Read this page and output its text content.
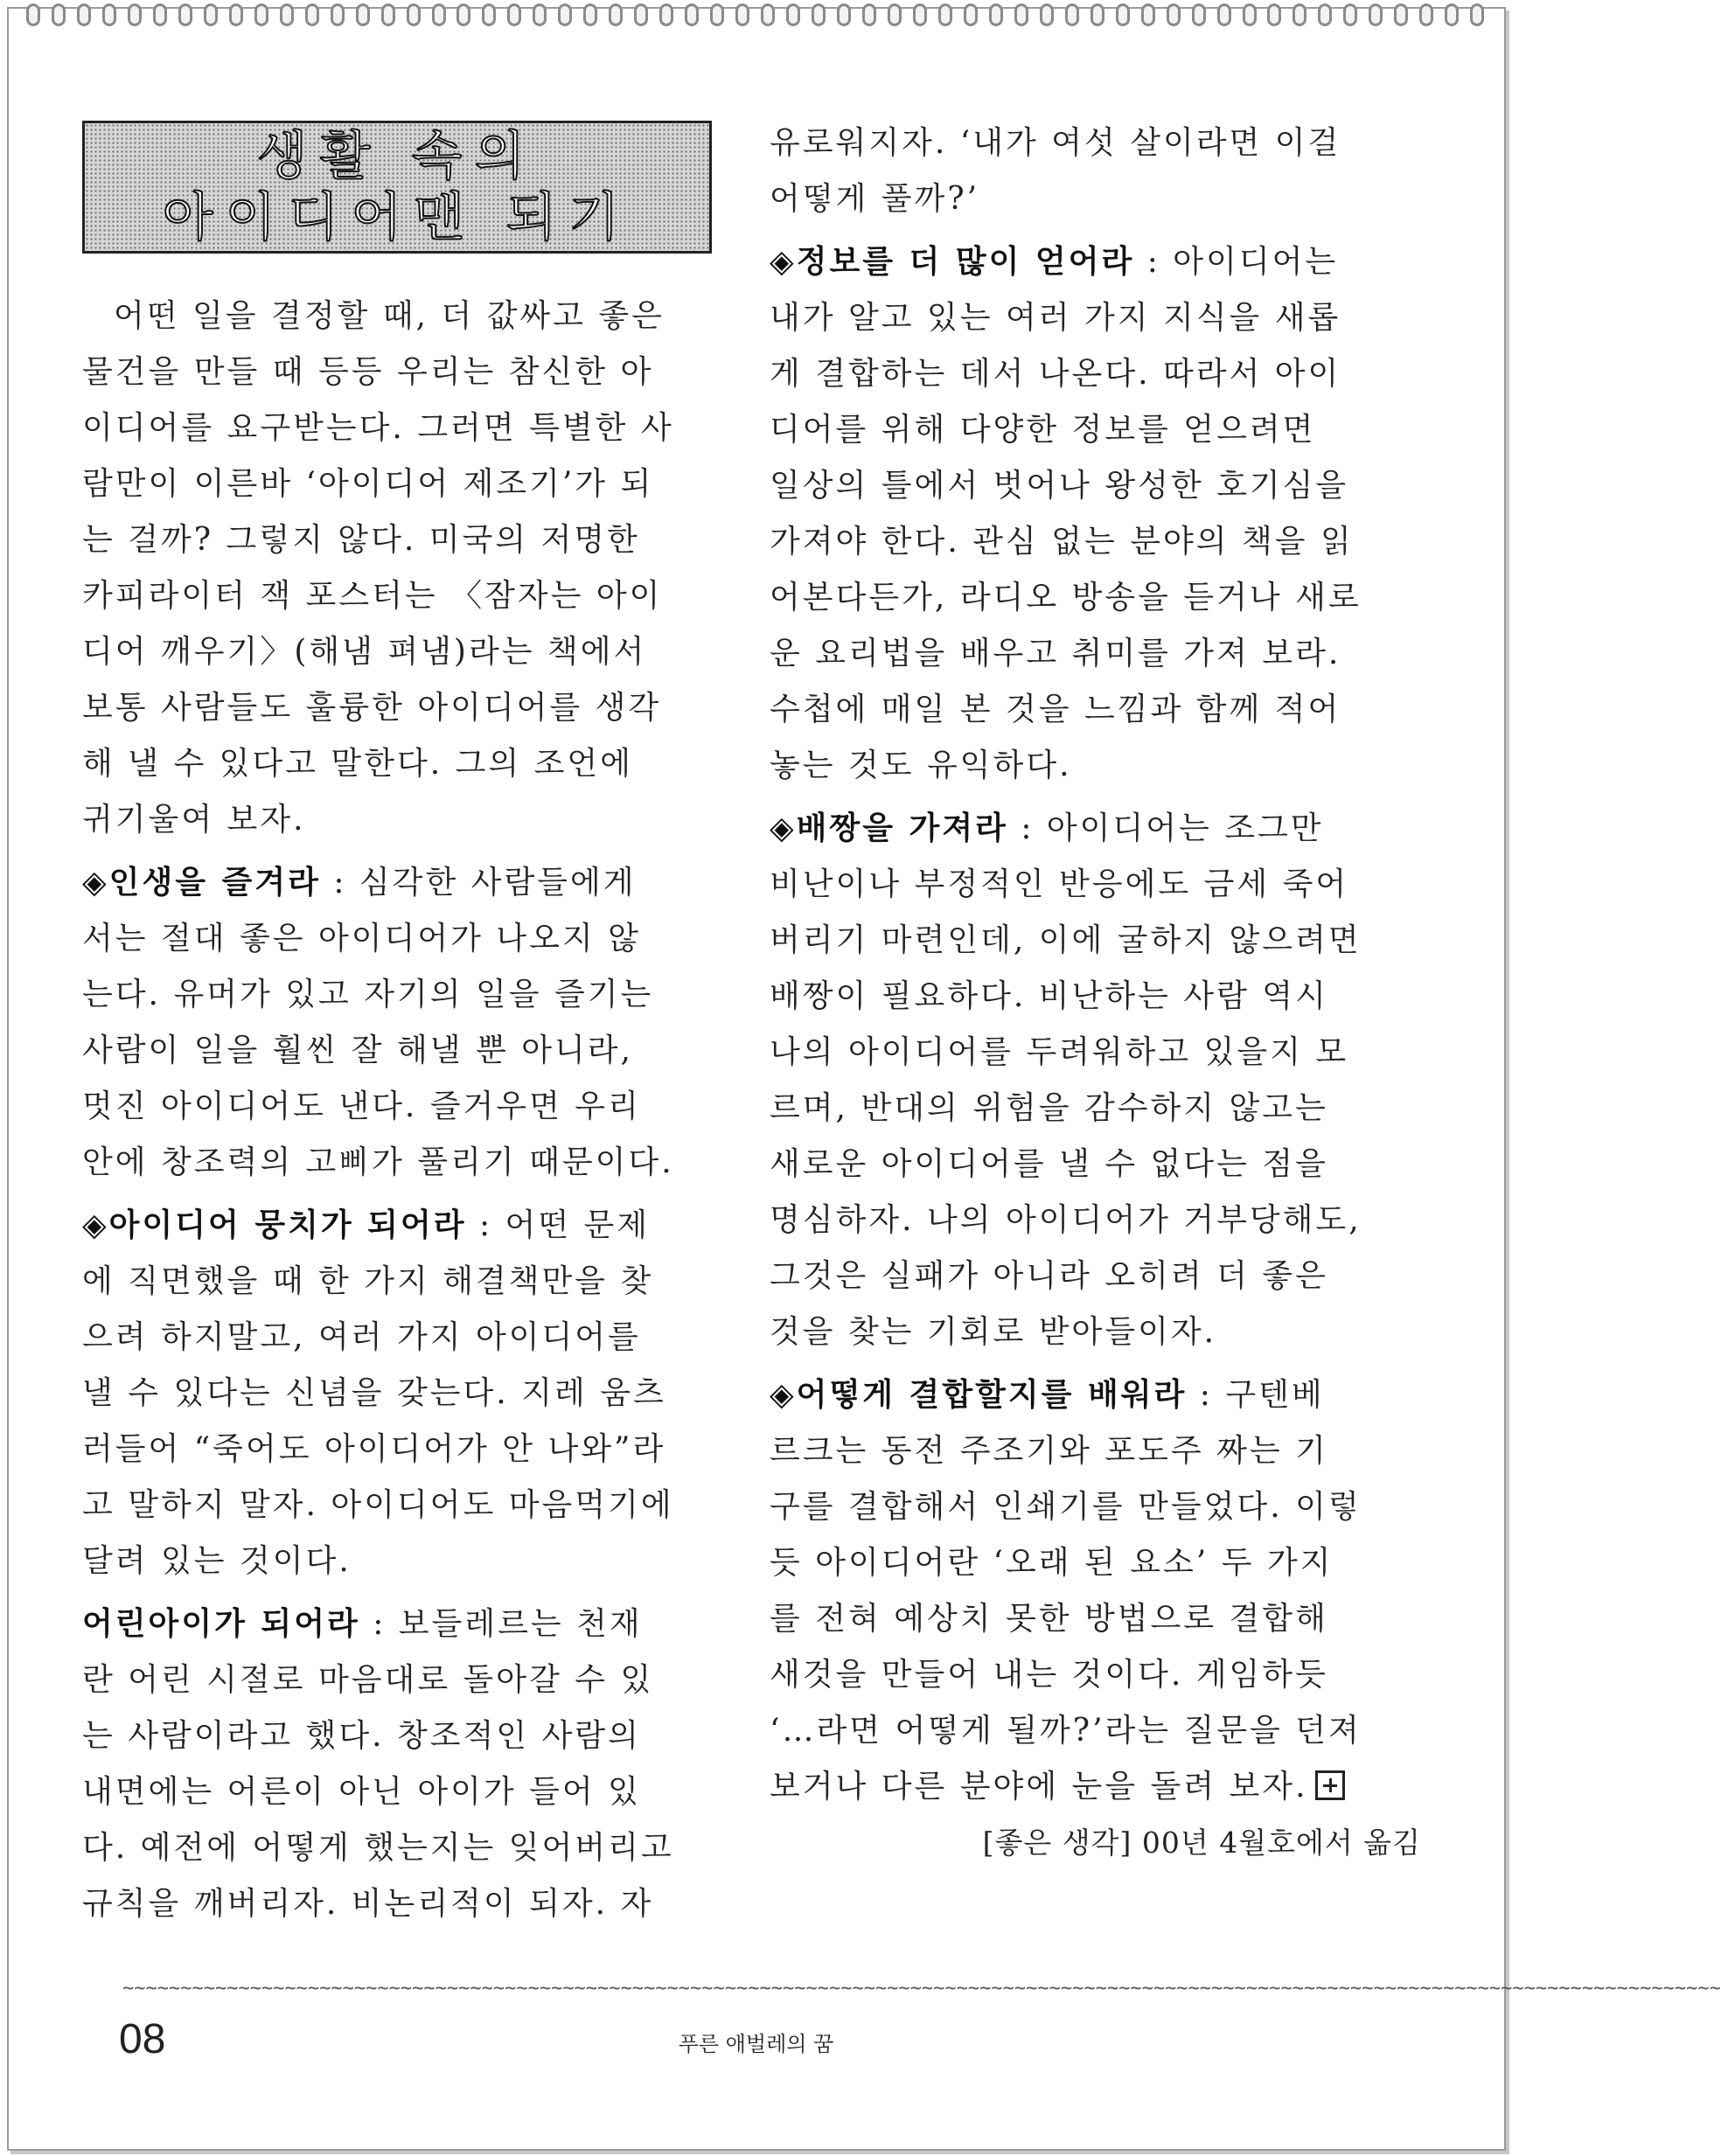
생활 속의
아이디어맨 되기

어떤 일을 결정할 때, 더 값싸고 좋은

물건을 만들 때 등등 우리는 참신한 아

이디어를 요구받는다. 그러면 특별한 사

람만이 이른바 ‘아이디어 제조기’가 되

는 걸까? 그렇지 않다. 미국의 저명한

카피라이터 잭 포스터는 〈잠자는 아이

디어 깨우기〉(해냄 펴냄)라는 책에서

보통 사람들도 훌륭한 아이디어를 생각

해 낼 수 있다고 말한다. 그의 조언에

귀기울여 보자.

◈인생을 즐겨라 : 심각한 사람들에게

서는 절대 좋은 아이디어가 나오지 않

는다. 유머가 있고 자기의 일을 즐기는

사람이 일을 훨씬 잘 해낼 뿐 아니라,

멋진 아이디어도 낸다. 즐거우면 우리

안에 창조력의 고삐가 풀리기 때문이다.

◈아이디어 뭉치가 되어라 : 어떤 문제

에 직면했을 때 한 가지 해결책만을 찾

으려 하지말고, 여러 가지 아이디어를

낼 수 있다는 신념을 갖는다. 지레 움츠

러들어 “죽어도 아이디어가 안 나와”라

고 말하지 말자. 아이디어도 마음먹기에

달려 있는 것이다.

어린아이가 되어라 : 보들레르는 천재

란 어린 시절로 마음대로 돌아갈 수 있

는 사람이라고 했다. 창조적인 사람의

내면에는 어른이 아닌 아이가 들어 있

다. 예전에 어떻게 했는지는 잊어버리고

규칙을 깨버리자. 비논리적이 되자. 자

유로워지자. ‘내가 여섯 살이라면 이걸

어떻게 풀까?’

◈정보를 더 많이 얻어라 : 아이디어는

내가 알고 있는 여러 가지 지식을 새롭

게 결합하는 데서 나온다. 따라서 아이

디어를 위해 다양한 정보를 얻으려면

일상의 틀에서 벗어나 왕성한 호기심을

가져야 한다. 관심 없는 분야의 책을 읽

어본다든가, 라디오 방송을 듣거나 새로

운 요리법을 배우고 취미를 가져 보라.

수첩에 매일 본 것을 느낌과 함께 적어

놓는 것도 유익하다.

◈배짱을 가져라 : 아이디어는 조그만

비난이나 부정적인 반응에도 금세 죽어

버리기 마련인데, 이에 굴하지 않으려면

배짱이 필요하다. 비난하는 사람 역시

나의 아이디어를 두려워하고 있을지 모

르며, 반대의 위험을 감수하지 않고는

새로운 아이디어를 낼 수 없다는 점을

명심하자. 나의 아이디어가 거부당해도,

그것은 실패가 아니라 오히려 더 좋은

것을 찾는 기회로 받아들이자.

◈어떻게 결합할지를 배워라 : 구텐베

르크는 동전 주조기와 포도주 짜는 기

구를 결합해서 인쇄기를 만들었다. 이렇

듯 아이디어란 ‘오래 된 요소’ 두 가지

를 전혀 예상치 못한 방법으로 결합해

새것을 만들어 내는 것이다. 게임하듯

‘…라면 어떻게 될까?’라는 질문을 던져

보거나 다른 분야에 눈을 돌려 보자.

[좋은 생각] 00년 4월호에서 옮김

~~~~~~~~~~~~~~~~~~~~~~~~~~~~~~~~~~~~~~~~~~~~~~~~~~~~~~~~~~~~~~~~~~~~~~~~~~~~~~~~~~~~~~~~~~~~~~~~~~~~~~~~~~~~~~~~~~~~~~~~~~~~~~~~~~~~~~~~~~
08	푸른 애벌레의 꿈
